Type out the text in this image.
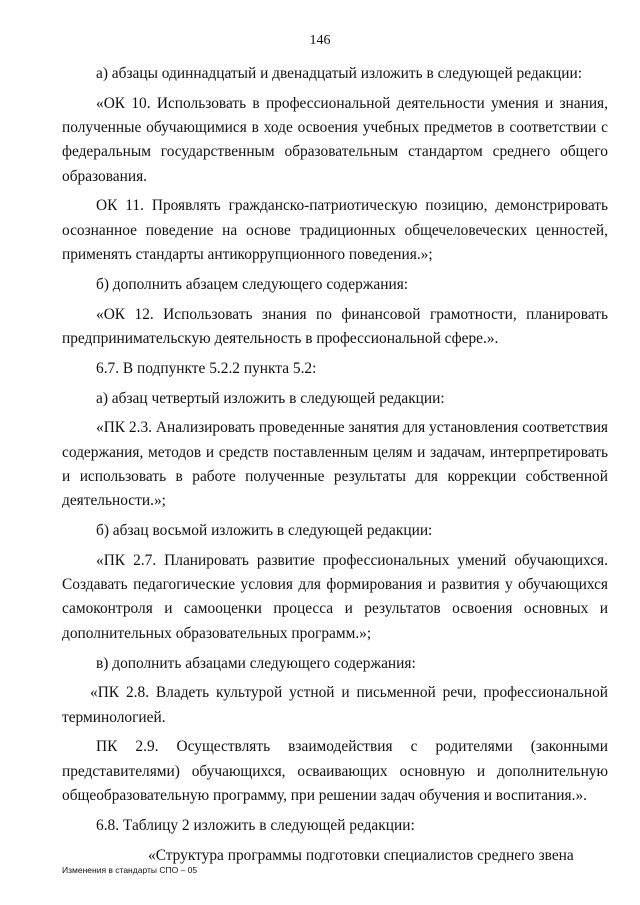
146

а) абзацы одиннадцатый и двенадцатый изложить в следующей редакции:

«ОК 10. Использовать в профессиональной деятельности умения и знания, полученные обучающимися в ходе освоения учебных предметов в соответствии с федеральным государственным образовательным стандартом среднего общего образования.

ОК 11. Проявлять гражданско-патриотическую позицию, демонстрировать осознанное поведение на основе традиционных общечеловеческих ценностей, применять стандарты антикоррупционного поведения.»;

б) дополнить абзацем следующего содержания:

«ОК 12. Использовать знания по финансовой грамотности, планировать предпринимательскую деятельность в профессиональной сфере.».

6.7. В подпункте 5.2.2 пункта 5.2:

а) абзац четвертый изложить в следующей редакции:

«ПК 2.3. Анализировать проведенные занятия для установления соответствия содержания, методов и средств поставленным целям и задачам, интерпретировать и использовать в работе полученные результаты для коррекции собственной деятельности.»;

б) абзац восьмой изложить в следующей редакции:

«ПК 2.7. Планировать развитие профессиональных умений обучающихся. Создавать педагогические условия для формирования и развития у обучающихся самоконтроля и самооценки процесса и результатов освоения основных и дополнительных образовательных программ.»;

в) дополнить абзацами следующего содержания:

«ПК 2.8. Владеть культурой устной и письменной речи, профессиональной терминологией.

ПК 2.9. Осуществлять взаимодействия с родителями (законными представителями) обучающихся, осваивающих основную и дополнительную общеобразовательную программу, при решении задач обучения и воспитания.».

6.8. Таблицу 2 изложить в следующей редакции:

«Структура программы подготовки специалистов среднего звена

Изменения в стандарты СПО – 05
